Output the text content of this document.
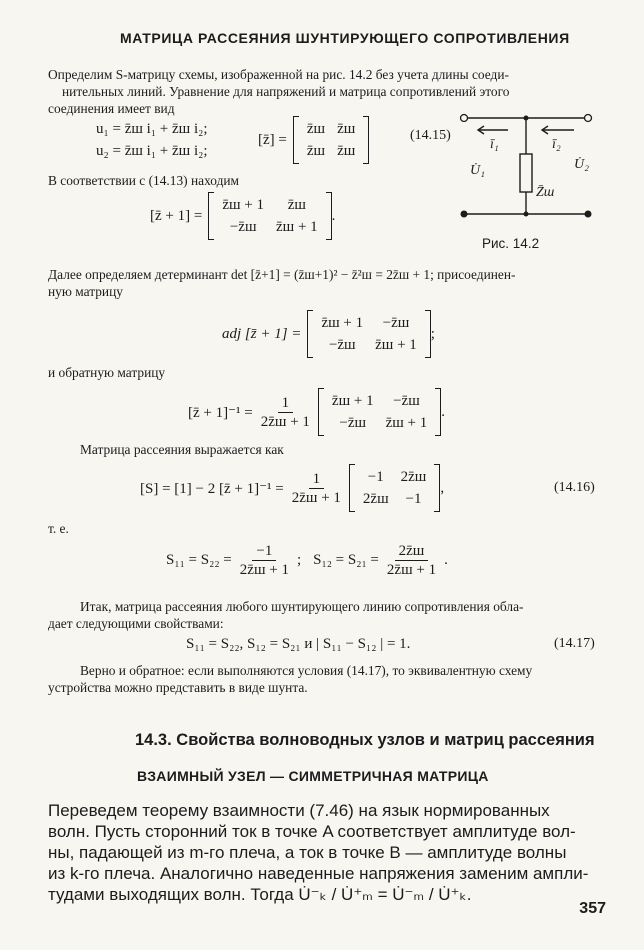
МАТРИЦА РАССЕЯНИЯ ШУНТИРУЮЩЕГО СОПРОТИВЛЕНИЯ

Определим S-матрицу схемы, изображенной на рис. 14.2 без учета длины соеди-

нительных линий. Уравнение для напряжений и матрица сопротивлений этого

соединения имеет вид

u₁ = z̄ш i₁ + z̄ш i₂;
u₂ = z̄ш i₁ + z̄ш i₂;
[z̄] =
z̄ш z̄ш
z̄ш z̄ш
(14.15)
ī₁	ī₂
U̇₁	U̇₂
Z̄ш
Рис. 14.2
В соответствии с (14.13) находим
[z̄ + 1] =
z̄ш + 1	z̄ш
−z̄ш	z̄ш + 1
.

Далее определяем детерминант det [z̄+1] = (z̄ш+1)² − z̄²ш = 2z̄ш + 1; присоединен-

ную матрицу

adj [z̄ + 1] =
z̄ш + 1	−z̄ш
−z̄ш	z̄ш + 1
;
и обратную матрицу
[z̄ + $1]^{-1} = \frac{1}{2z̄ш + 1}$	z̄ш + 1	−z̄ш
−z̄ш	z̄ш + 1
.
Матрица рассеяния выражается как
[S] = [1] − 2 [z̄ + $1]^{-1} = \frac{1}{2z̄ш + 1}$	−1	2z̄ш
2z̄ш	−1
,	(14.16)
т. е.
$S_{11} = S_{22} = \frac{-1}{2z̄ш + 1}$ ; $S_{12} = S_{21} = \frac{2z̄ш}{2z̄ш + 1}$ .

Итак, матрица рассеяния любого шунтирующего линию сопротивления обла-

дает следующими свойствами:

S₁₁ = S₂₂, S₁₂ = S₂₁ и | S₁₁ − S₁₂ | = 1.	(14.17)

Верно и обратное: если выполняются условия (14.17), то эквивалентную схему

устройства можно представить в виде шунта.

14.3. Свойства волноводных узлов и матриц рассеяния
ВЗАИМНЫЙ УЗЕЛ — СИММЕТРИЧНАЯ МАТРИЦА
Переведем теорему взаимности (7.46) на язык нормированных
волн. Пусть сторонний ток в точке A соответствует амплитуде вол-
ны, падающей из m-го плеча, а ток в точке B — амплитуде волны
из k-го плеча. Аналогично наведенные напряжения заменим ампли-
тудами выходящих волн. Тогда U̇⁻ₖ / U̇⁺ₘ = U̇⁻ₘ / U̇⁺ₖ.
357
